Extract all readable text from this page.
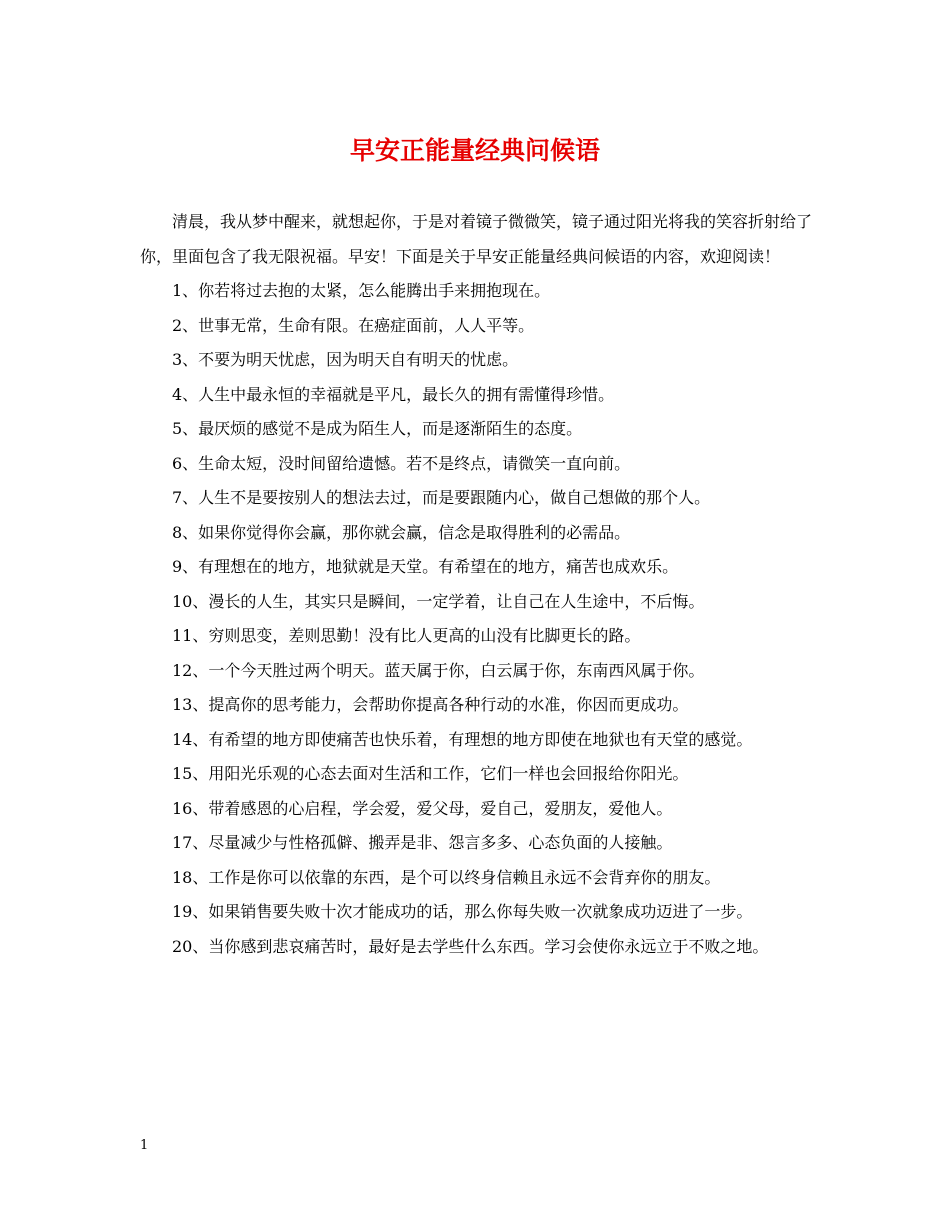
早安正能量经典问候语

清晨，我从梦中醒来，就想起你，于是对着镜子微微笑，镜子通过阳光将我的笑容折射给了你，里面包含了我无限祝福。早安！下面是关于早安正能量经典问候语的内容，欢迎阅读！

1、你若将过去抱的太紧，怎么能腾出手来拥抱现在。

2、世事无常，生命有限。在癌症面前，人人平等。

3、不要为明天忧虑，因为明天自有明天的忧虑。

4、人生中最永恒的幸福就是平凡，最长久的拥有需懂得珍惜。

5、最厌烦的感觉不是成为陌生人，而是逐渐陌生的态度。

6、生命太短，没时间留给遗憾。若不是终点，请微笑一直向前。

7、人生不是要按别人的想法去过，而是要跟随内心，做自己想做的那个人。

8、如果你觉得你会赢，那你就会赢，信念是取得胜利的必需品。

9、有理想在的地方，地狱就是天堂。有希望在的地方，痛苦也成欢乐。

10、漫长的人生，其实只是瞬间，一定学着，让自己在人生途中，不后悔。

11、穷则思变，差则思勤！没有比人更高的山没有比脚更长的路。

12、一个今天胜过两个明天。蓝天属于你，白云属于你，东南西风属于你。

13、提高你的思考能力，会帮助你提高各种行动的水准，你因而更成功。

14、有希望的地方即使痛苦也快乐着，有理想的地方即使在地狱也有天堂的感觉。

15、用阳光乐观的心态去面对生活和工作，它们一样也会回报给你阳光。

16、带着感恩的心启程，学会爱，爱父母，爱自己，爱朋友，爱他人。

17、尽量减少与性格孤僻、搬弄是非、怨言多多、心态负面的人接触。

18、工作是你可以依靠的东西，是个可以终身信赖且永远不会背弃你的朋友。

19、如果销售要失败十次才能成功的话，那么你每失败一次就象成功迈进了一步。

20、当你感到悲哀痛苦时，最好是去学些什么东西。学习会使你永远立于不败之地。

1
